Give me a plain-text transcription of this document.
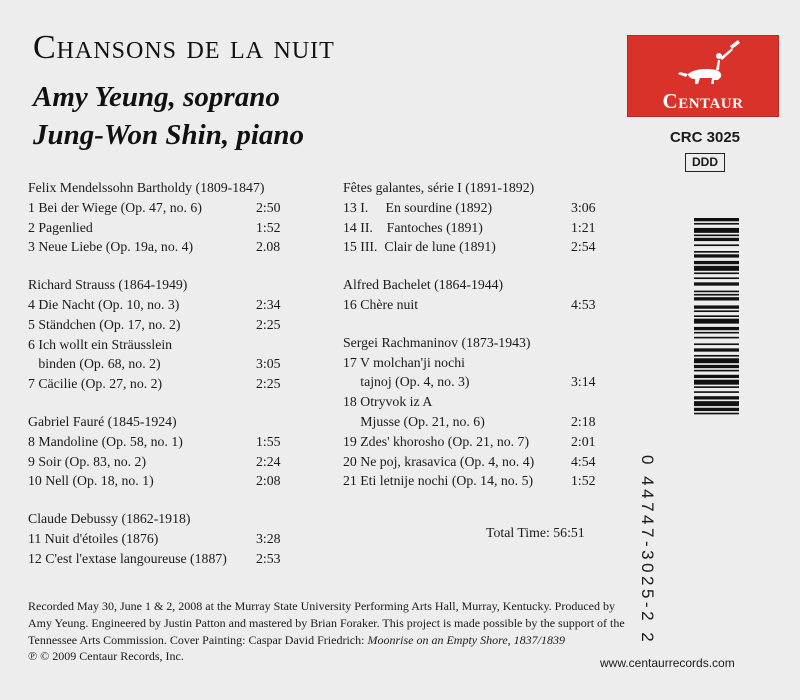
Chansons de la nuit
Amy Yeung, soprano
Jung-Won Shin, piano
Centaur
CRC 3025
DDD
0 44747-3025-2 2
Felix Mendelssohn Bartholdy (1809-1847)
1 Bei der Wiege (Op. 47, no. 6)	2:50
2 Pagenlied	1:52
3 Neue Liebe (Op. 19a, no. 4)	2.08
Richard Strauss (1864-1949)
4 Die Nacht (Op. 10, no. 3)	2:34
5 Ständchen (Op. 17, no. 2)	2:25
6 Ich wollt ein Sträusslein
binden (Op. 68, no. 2)	3:05
7 Cäcilie (Op. 27, no. 2)	2:25
Gabriel Fauré (1845-1924)
8 Mandoline (Op. 58, no. 1)	1:55
9 Soir (Op. 83, no. 2)	2:24
10 Nell (Op. 18, no. 1)	2:08
Claude Debussy (1862-1918)
11 Nuit d'étoiles (1876)	3:28
12 C'est l'extase langoureuse (1887) 2:53
Fêtes galantes, série I (1891-1892)
13 I.     En sourdine (1892)	3:06
14 II.    Fantoches (1891)	1:21
15 III.  Clair de lune (1891)	2:54
Alfred Bachelet (1864-1944)
16 Chère nuit	4:53
Sergei Rachmaninov (1873-1943)
17 V molchan'ji nochi
tajnoj (Op. 4, no. 3)	3:14
18 Otryvok iz A
Mjusse (Op. 21, no. 6)	2:18
19 Zdes' khorosho (Op. 21, no. 7)	2:01
20 Ne poj, krasavica (Op. 4, no. 4)	4:54
21 Eti letnije nochi (Op. 14, no. 5)	1:52
Total Time: 56:51

Recorded May 30, June 1 & 2, 2008 at the Murray State University Performing Arts Hall, Murray, Kentucky. Produced by

Amy Yeung. Engineered by Justin Patton and mastered by Brian Foraker. This project is made possible by the support of the

Tennessee Arts Commission. Cover Painting: Caspar David Friedrich: Moonrise on an Empty Shore, 1837/1839

℗ © 2009 Centaur Records, Inc.	www.centaurrecords.com
